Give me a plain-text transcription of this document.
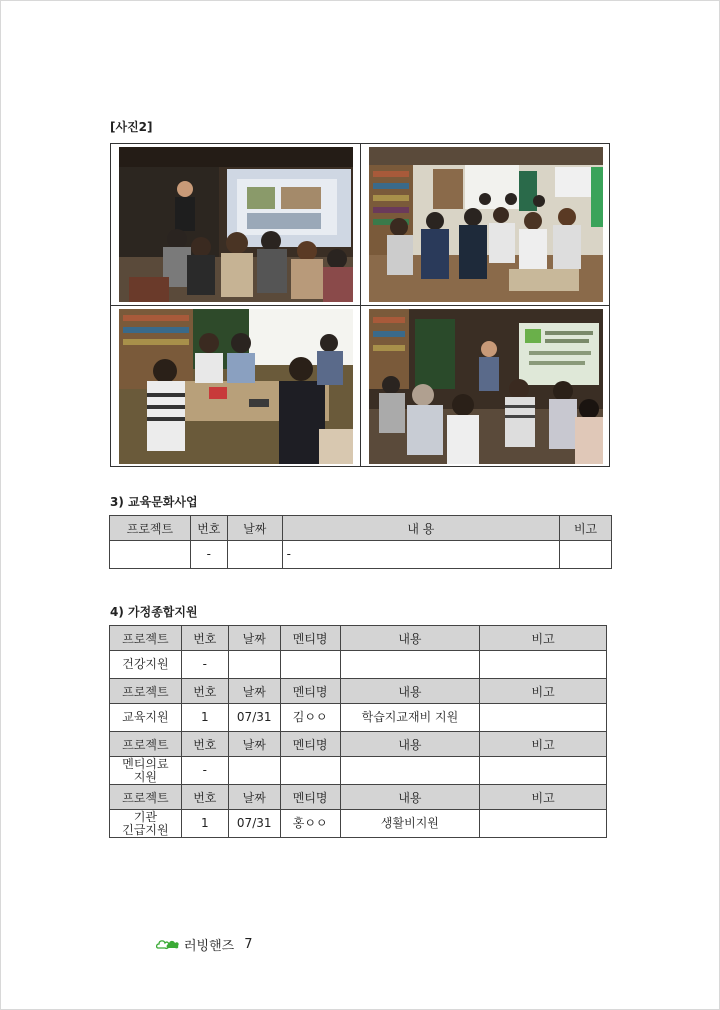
[사진2]
3) 교육문화사업
프로젝트	번호	날짜	내 용	비고
	-		-	
4) 가정종합지원
프로젝트	번호	날짜	멘티명	내용	비고
건강지원	-				
프로젝트	번호	날짜	멘티명	내용	비고
교육지원	1	07/31	김ㅇㅇ	학습지교재비 지원	
프로젝트	번호	날짜	멘티명	내용	비고
멘티의료
지원	-				
프로젝트	번호	날짜	멘티명	내용	비고
기관
긴급지원	1	07/31	홍ㅇㅇ	생활비지원	
러빙핸즈 7
